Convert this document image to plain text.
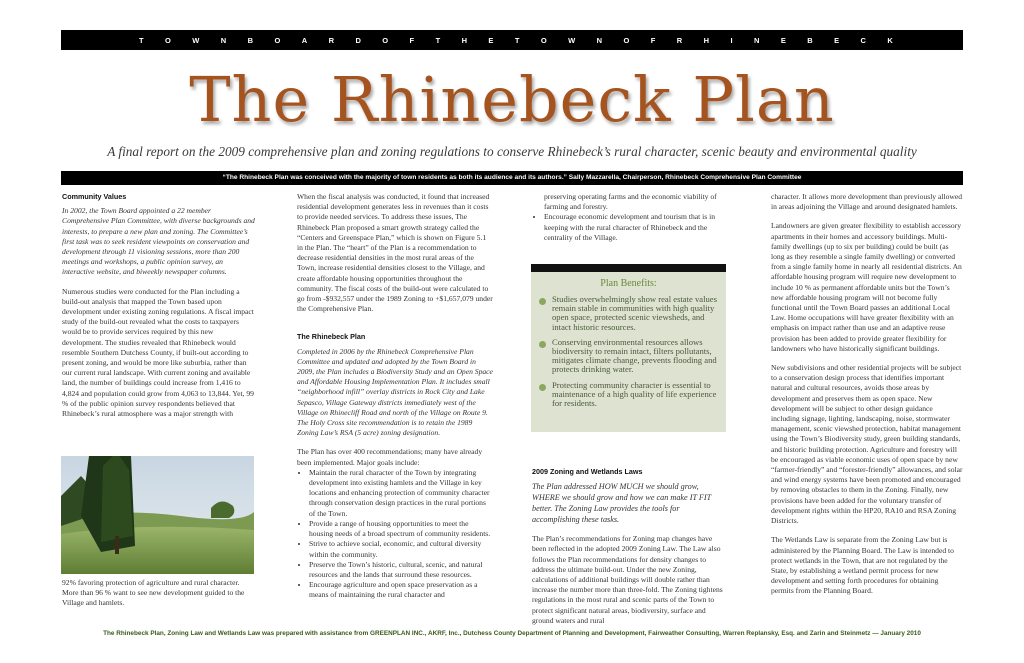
T	O	W	N	B	O	A	R	D	O	F	T	H	E	T	O	W	N	O	F	R	H	I	N	E	B	E	C	K
The Rhinebeck Plan
A final report on the 2009 comprehensive plan and zoning regulations to conserve Rhinebeck’s rural character, scenic beauty and environmental quality
“The Rhinebeck Plan was conceived with the majority of town residents as both its audience and its authors.” Sally Mazzarella, Chairperson, Rhinebeck Comprehensive Plan Committee
Community Values

In 2002, the Town Board appointed a 22 member Comprehensive Plan Committee, with diverse backgrounds and interests, to prepare a new plan and zoning. The Committee’s first task was to seek resident viewpoints on conservation and development through 11 visioning sessions, more than 200 meetings and workshops, a public opinion survey, an interactive website, and biweekly newspaper columns.

Numerous studies were conducted for the Plan including a build-out analysis that mapped the Town based upon development under existing zoning regulations. A fiscal impact study of the build-out revealed what the costs to taxpayers would be to provide services required by this new development. The studies revealed that Rhinebeck would resemble Southern Dutchess County, if built-out according to present zoning, and would be more like suburbia, rather than our current rural landscape. With current zoning and available land, the number of buildings could increase from 1,416 to 4,824 and population could grow from 4,063 to 13,844. Yet, 99 % of the public opinion survey respondents believed that Rhinebeck’s rural atmosphere was a major strength with

92% favoring protection of agriculture and rural character. More than 96 % want to see new development guided to the Village and hamlets.

When the fiscal analysis was conducted, it found that increased residential development generates less in revenues than it costs to provide needed services. To address these issues, The Rhinebeck Plan proposed a smart growth strategy called the “Centers and Greenspace Plan,” which is shown on Figure 5.1 in the Plan. The “heart” of the Plan is a recommendation to decrease residential densities in the most rural areas of the Town, increase residential densities closest to the Village, and create affordable housing opportunities throughout the community. The fiscal costs of the build-out were calculated to go from -$932,557 under the 1989 Zoning to +$1,657,079 under the Comprehensive Plan.

The Rhinebeck Plan

Completed in 2006 by the Rhinebeck Comprehensive Plan Committee and updated and adopted by the Town Board in 2009, the Plan includes a Biodiversity Study and an Open Space and Affordable Housing Implementation Plan. It includes small “neighborhood infill” overlay districts in Rock City and Lake Sepasco, Village Gateway districts immediately west of the Village on Rhinecliff Road and north of the Village on Route 9. The Holy Cross site recommendation is to retain the 1989 Zoning Law’s RSA (5 acre) zoning designation.

The Plan has over 400 recommendations; many have already been implemented. Major goals include:

• Maintain the rural character of the Town by integrating development into existing hamlets and the Village in key locations and enhancing protection of community character through conservation design practices in the rural portions of the Town.
• Provide a range of housing opportunities to meet the housing needs of a broad spectrum of community residents.
• Strive to achieve social, economic, and cultural diversity within the community.
• Preserve the Town’s historic, cultural, scenic, and natural resources and the lands that surround these resources.
• Encourage agriculture and open space preservation as a means of maintaining the rural character and

preserving operating farms and the economic viability of farming and forestry.

• Encourage economic development and tourism that is in keeping with the rural character of Rhinebeck and the centrality of the Village.
Plan Benefits:
Studies overwhelmingly show real estate values remain stable in communities with high quality open space, protected scenic viewsheds, and intact historic resources.
Conserving environmental resources allows biodiversity to remain intact, filters pollutants, mitigates climate change, prevents flooding and protects drinking water.
Protecting community character is essential to maintenance of a high quality of life experience for residents.
2009 Zoning and Wetlands Laws

The Plan addressed HOW MUCH we should grow, WHERE we should grow and how we can make IT FIT better. The Zoning Law provides the tools for accomplishing these tasks.

The Plan’s recommendations for Zoning map changes have been reflected in the adopted 2009 Zoning Law. The Law also follows the Plan recommendations for density changes to address the ultimate build-out. Under the new Zoning, calculations of additional buildings will double rather than increase the number more than three-fold. The Zoning tightens regulations in the most rural and scenic parts of the Town to protect significant natural areas, biodiversity, surface and ground waters and rural

character. It allows more development than previously allowed in areas adjoining the Village and around designated hamlets.

Landowners are given greater flexibility to establish accessory apartments in their homes and accessory buildings. Multi-family dwellings (up to six per building) could be built (as long as they resemble a single family dwelling) or converted from a single family home in nearly all residential districts. An affordable housing program will require new development to include 10 % as permanent affordable units but the Town’s new affordable housing program will not become fully functional until the Town Board passes an additional Local Law. Home occupations will have greater flexibility with an emphasis on impact rather than use and an adaptive reuse provision has been added to provide greater flexibility for landowners who have historically significant buildings.

New subdivisions and other residential projects will be subject to a conservation design process that identifies important natural and cultural resources, avoids those areas by development and preserves them as open space. New development will be subject to other design guidance including signage, lighting, landscaping, noise, stormwater management, scenic viewshed protection, habitat management using the Town’s Biodiversity study, green building standards, and historic building protection. Agriculture and forestry will be encouraged as viable economic uses of open space by new “farmer-friendly” and “forester-friendly” allowances, and solar and wind energy systems have been promoted and encouraged by removing obstacles to them in the Zoning. Finally, new provisions have been added for the voluntary transfer of development rights within the HP20, RA10 and RSA Zoning Districts.

The Wetlands Law is separate from the Zoning Law but is administered by the Planning Board. The Law is intended to protect wetlands in the Town, that are not regulated by the State, by establishing a wetland permit process for new development and setting forth procedures for obtaining permits from the Planning Board.

The Rhinebeck Plan, Zoning Law and Wetlands Law was prepared with assistance from GREENPLAN INC., AKRF, Inc., Dutchess County Department of Planning and Development, Fairweather Consulting, Warren Replansky, Esq. and Zarin and Steinmetz — January 2010
